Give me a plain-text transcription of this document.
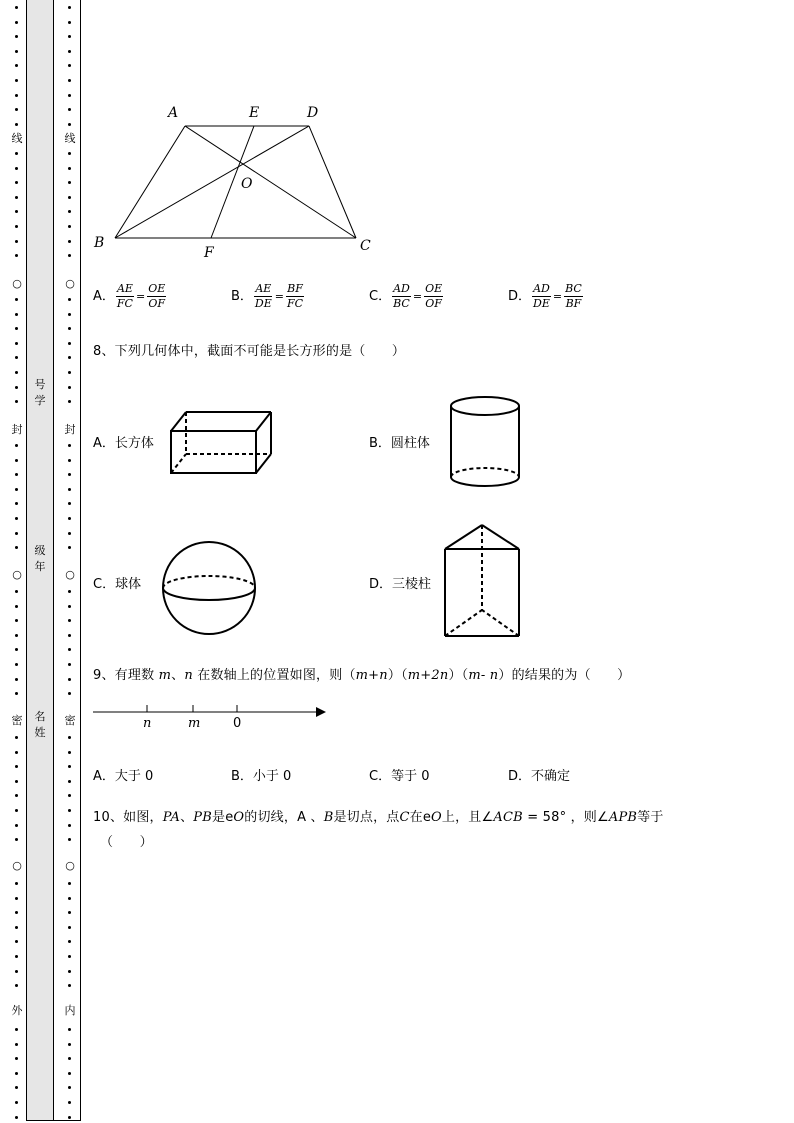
线
○
封
○
密
○
外
线
○
封
○
密
○
内
号
学
级
年
名
姓
A	E	D
O
B
F	C
A． $\frac{AE}{FC} = \frac{OE}{OF}$	B． $\frac{AE}{DE} = \frac{BF}{FC}$	C． $\frac{AD}{BC} = \frac{OE}{OF}$	D． $\frac{AD}{DE} = \frac{BC}{BF}$
8、下列几何体中，截面不可能是长方形的是（　　）
A．长方体	B．圆柱体
C．球体	D．三棱柱
9、有理数 m、n 在数轴上的位置如图，则（m+n）（m+2n）（m- n）的结果的为（　　）
n	m	0
A．大于 0	B．小于 0	C．等于 0	D．不确定
10、如图，PA、PB是eO的切线，A 、B是切点，点C在eO上，且∠ACB = 58° ，则∠APB等于
（　　）
